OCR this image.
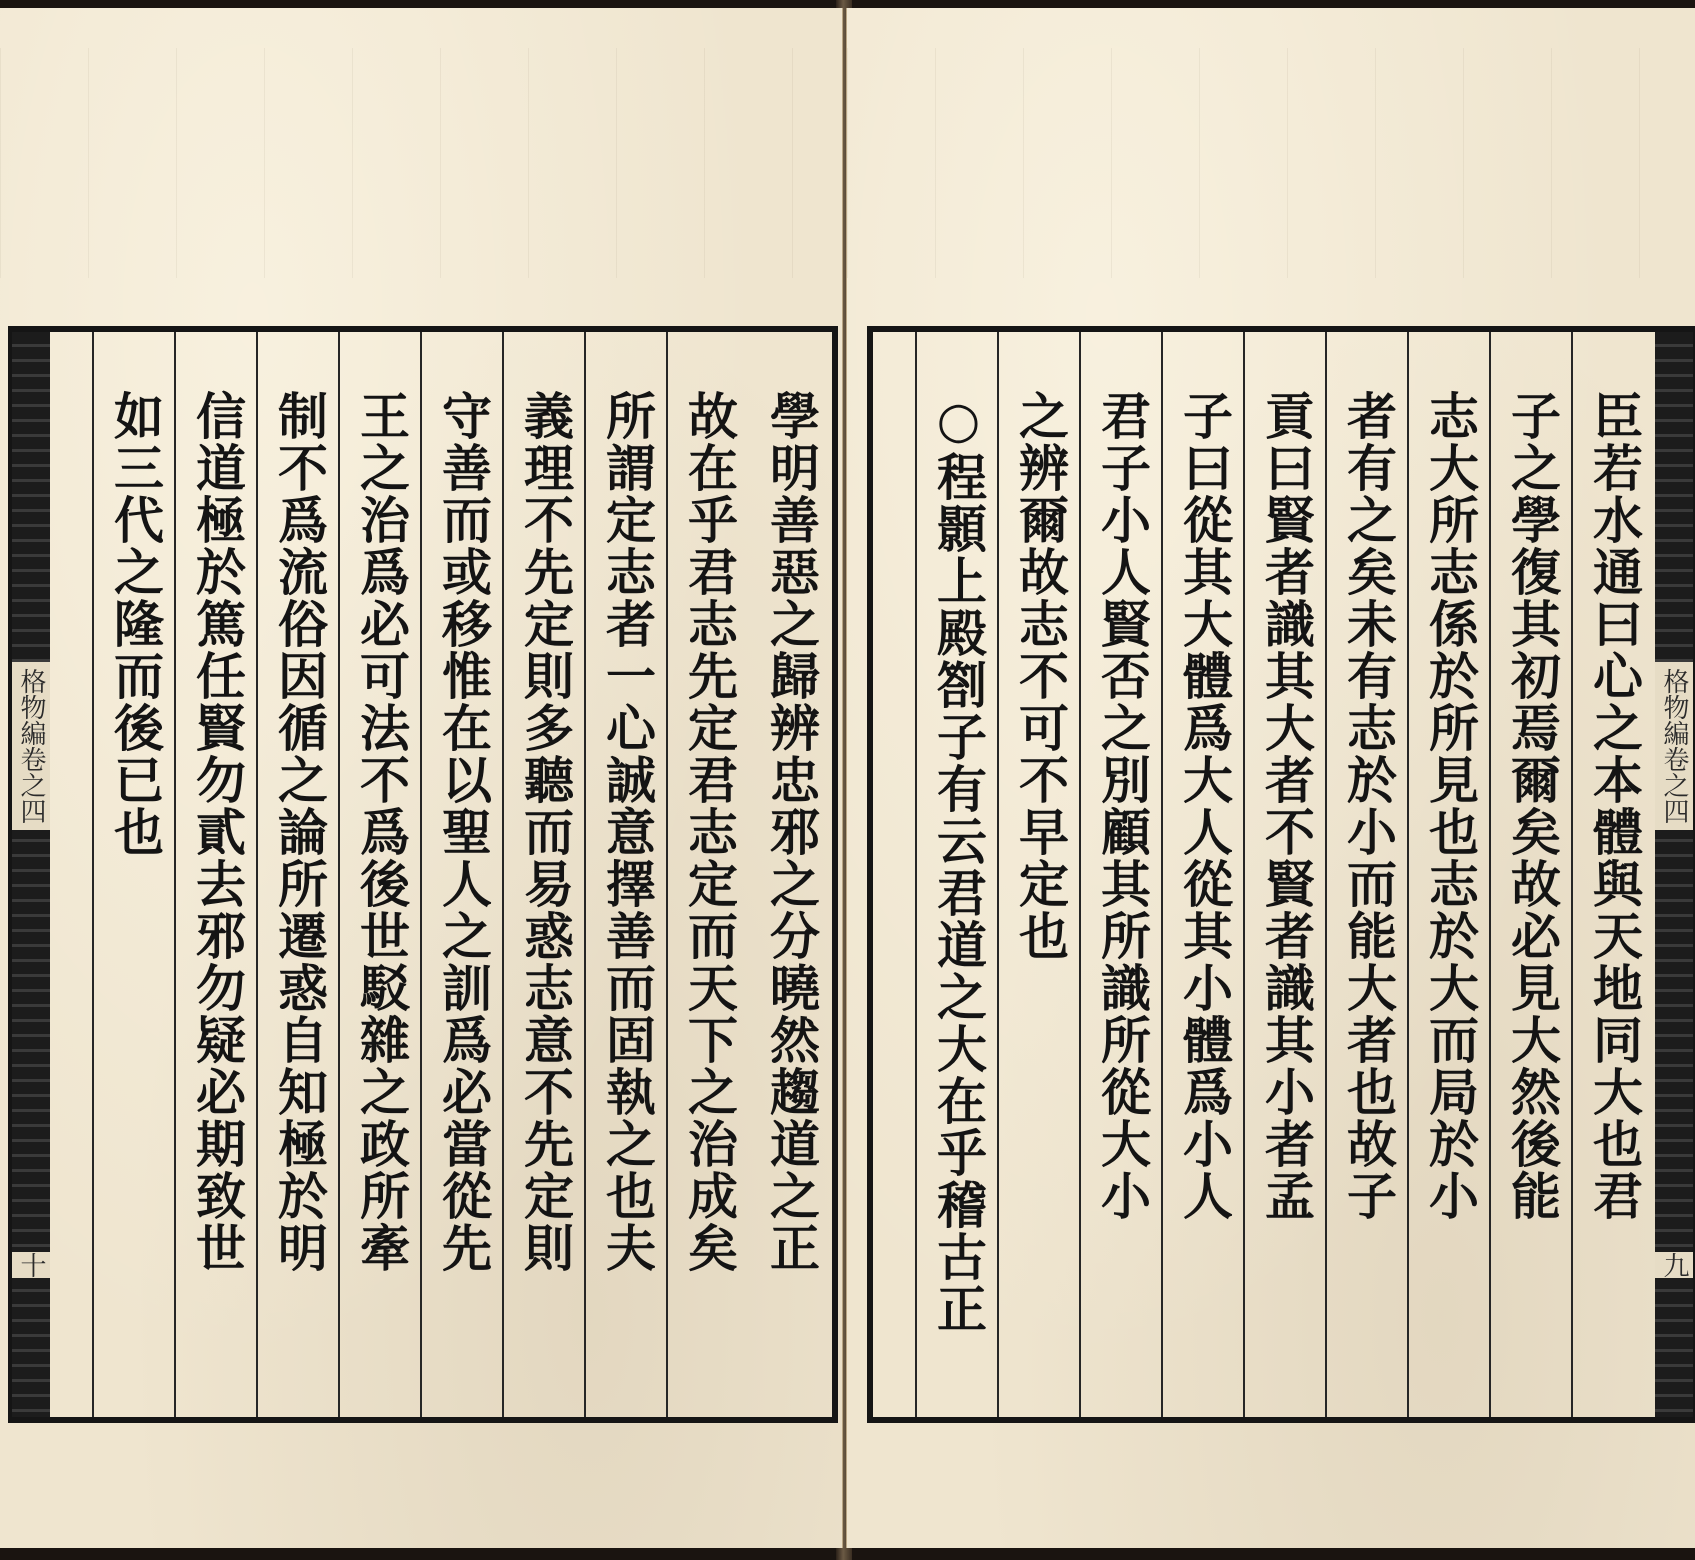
格物編卷之四
十	學明善惡之歸辨忠邪之分曉然趨道之正
故在乎君志先定君志定而天下之治成矣
所謂定志者一心誠意擇善而固執之也夫
義理不先定則多聽而易惑志意不先定則
守善而或移惟在以聖人之訓爲必當從先
王之治爲必可法不爲後世駁雜之政所牽
制不爲流俗因循之論所遷惑自知極於明
信道極於篤任賢勿貳去邪勿疑必期致世
如三代之隆而後已也	格物編卷之四
九
臣若水通曰心之本體與天地同大也君
子之學復其初焉爾矣故必見大然後能
志大所志係於所見也志於大而局於小
者有之矣未有志於小而能大者也故子
貢曰賢者識其大者不賢者識其小者孟
子曰從其大體爲大人從其小體爲小人
君子小人賢否之別顧其所識所從大小
之辨爾故志不可不早定也
○程顥上殿劄子有云君道之大在乎稽古正
